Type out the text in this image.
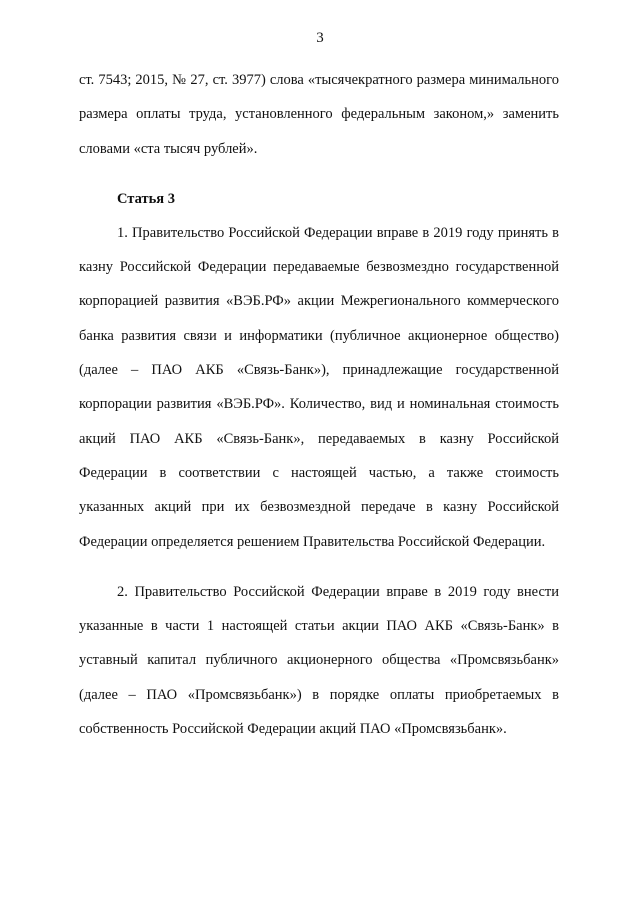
3

ст. 7543; 2015, № 27, ст. 3977) слова «тысячекратного размера минимального размера оплаты труда, установленного федеральным законом,» заменить словами «ста тысяч рублей».

Статья 3

1. Правительство Российской Федерации вправе в 2019 году принять в казну Российской Федерации передаваемые безвозмездно государственной корпорацией развития «ВЭБ.РФ» акции Межрегионального коммерческого банка развития связи и информатики (публичное акционерное общество) (далее – ПАО АКБ «Связь-Банк»), принадлежащие государственной корпорации развития «ВЭБ.РФ». Количество, вид и номинальная стоимость акций ПАО АКБ «Связь-Банк», передаваемых в казну Российской Федерации в соответствии с настоящей частью, а также стоимость указанных акций при их безвозмездной передаче в казну Российской Федерации определяется решением Правительства Российской Федерации.

2. Правительство Российской Федерации вправе в 2019 году внести указанные в части 1 настоящей статьи акции ПАО АКБ «Связь-Банк» в уставный капитал публичного акционерного общества «Промсвязьбанк» (далее – ПАО «Промсвязьбанк») в порядке оплаты приобретаемых в собственность Российской Федерации акций ПАО «Промсвязьбанк».
